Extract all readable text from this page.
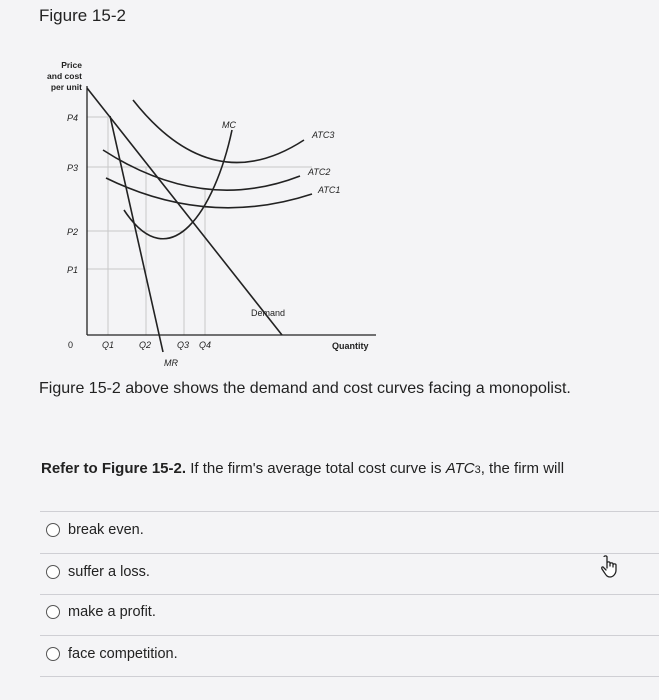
Figure 15-2
Price
and cost
per unit
P4
P3
P2
P1
0	Q1	Q2	Q3 Q4	Quantity
MC
ATC3
ATC2
ATC1
Demand
MR
Figure 15-2 above shows the demand and cost curves facing a monopolist.
Refer to Figure 15-2. If the firm's average total cost curve is ATC3, the firm will
break even.
suffer a loss.
make a profit.
face competition.
